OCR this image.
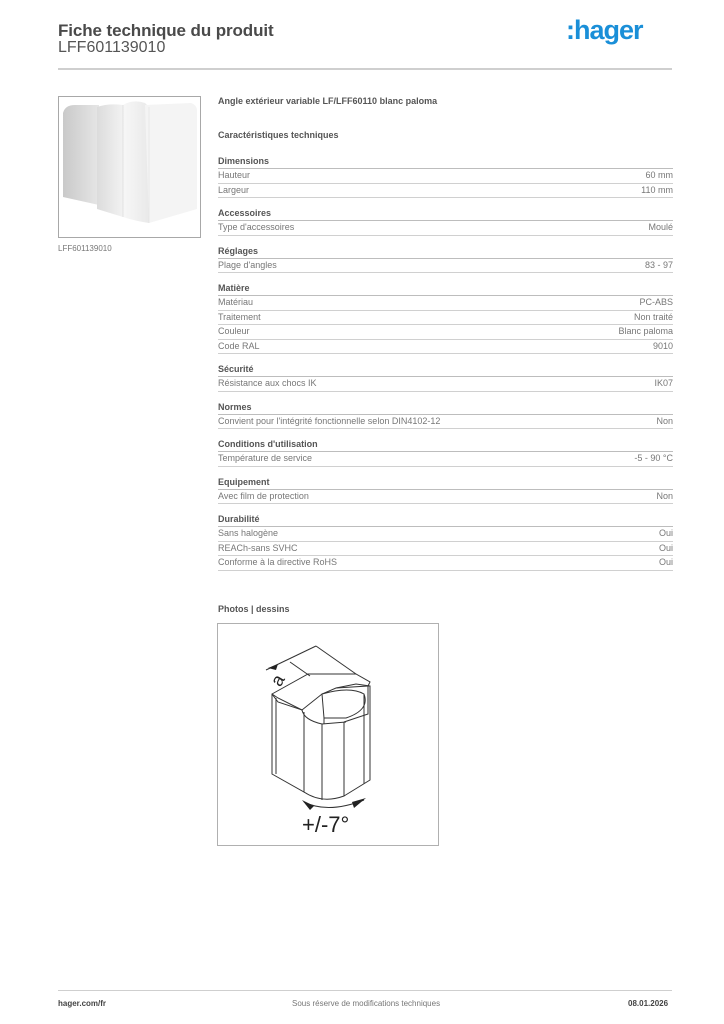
Fiche technique du produit
LFF601139010
:hager
LFF601139010
Angle extérieur variable LF/LFF60110 blanc paloma
Caractéristiques techniques
Dimensions
Hauteur	60 mm
Largeur	110 mm
Accessoires
Type d'accessoires	Moulé
Réglages
Plage d'angles	83 - 97
Matière
Matériau	PC-ABS
Traitement	Non traité
Couleur	Blanc paloma
Code RAL	9010
Sécurité
Résistance aux chocs IK	IK07
Normes
Convient pour l'intégrité fonctionnelle selon DIN4102-12	Non
Conditions d'utilisation
Température de service	-5 - 90 °C
Equipement
Avec film de protection	Non
Durabilité
Sans halogène	Oui
REACh-sans SVHC	Oui
Conforme à la directive RoHS	Oui
Photos | dessins
a
+/-7°
hager.com/fr	Sous réserve de modifications techniques	08.01.2026
